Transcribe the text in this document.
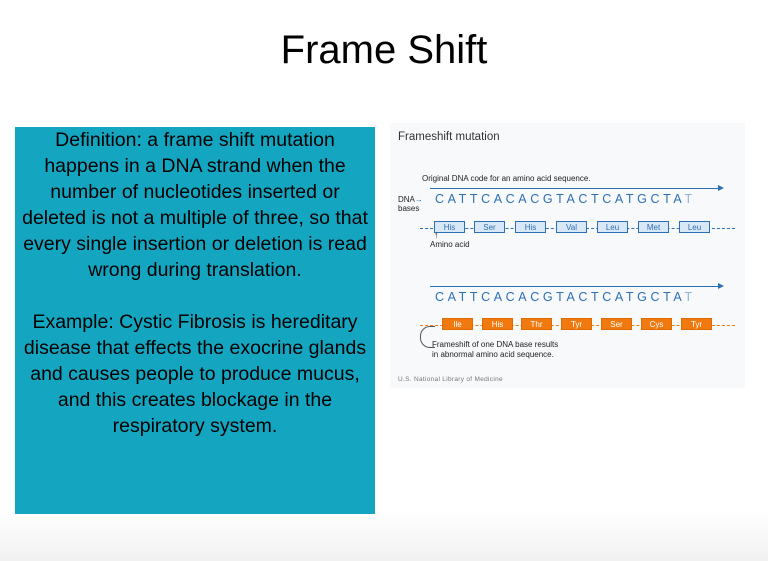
Frame Shift

Definition: a frame shift mutation happens in a DNA strand when the number of nucleotides inserted or deleted is not a multiple of three, so that every single insertion or deletion is read wrong during translation.

Example: Cystic Fibrosis is hereditary disease that effects the exocrine glands and causes people to produce mucus, and this creates blockage in the respiratory system.

Frameshift mutation
Original DNA code for an amino acid sequence.
DNA→
bases
CATTCACACGTACTCATGCTAT
His	Ser	His	Val	Leu	Met	Leu
↑
Amino acid
CATTCACACGTACTCATGCTAT
Ile	His	Thr	Tyr	Ser	Cys	Tyr
Frameshift of one DNA base results
in abnormal amino acid sequence.
U.S. National Library of Medicine
